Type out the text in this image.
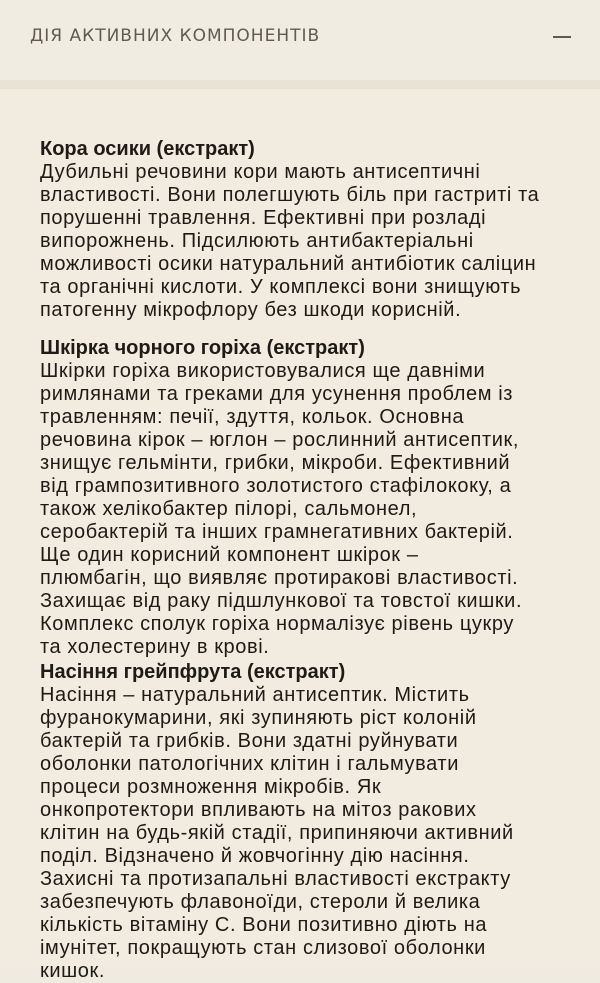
ДІЯ АКТИВНИХ КОМПОНЕНТІВ
Кора осики (екстракт)
Дубильні речовини кори мають антисептичні
властивості. Вони полегшують біль при гастриті та
порушенні травлення. Ефективні при розладі
випорожнень. Підсилюють антибактеріальні
можливості осики натуральний антибіотик саліцин
та органічні кислоти. У комплексі вони знищують
патогенну мікрофлору без шкоди корисній.
Шкірка чорного горіха (екстракт)
Шкірки горіха використовувалися ще давніми
римлянами та греками для усунення проблем із
травленням: печії, здуття, кольок. Основна
речовина кірок – юглон – рослинний антисептик,
знищує гельмінти, грибки, мікроби. Ефективний
від грампозитивного золотистого стафілококу, а
також хелікобактер пілорі, сальмонел,
серобактерій та інших грамнегативних бактерій.
Ще один корисний компонент шкірок –
плюмбагін, що виявляє протиракові властивості.
Захищає від раку підшлункової та товстої кишки.
Комплекс сполук горіха нормалізує рівень цукру
та холестерину в крові.
Насіння грейпфрута (екстракт)
Насіння – натуральний антисептик. Містить
фуранокумарини, які зупиняють ріст колоній
бактерій та грибків. Вони здатні руйнувати
оболонки патологічних клітин і гальмувати
процеси розмноження мікробів. Як
онкопротектори впливають на мітоз ракових
клітин на будь-якій стадії, припиняючи активний
поділ. Відзначено й жовчогінну дію насіння.
Захисні та протизапальні властивості екстракту
забезпечують флавоноїди, стероли й велика
кількість вітаміну С. Вони позитивно діють на
імунітет, покращують стан слизової оболонки
кишок.
